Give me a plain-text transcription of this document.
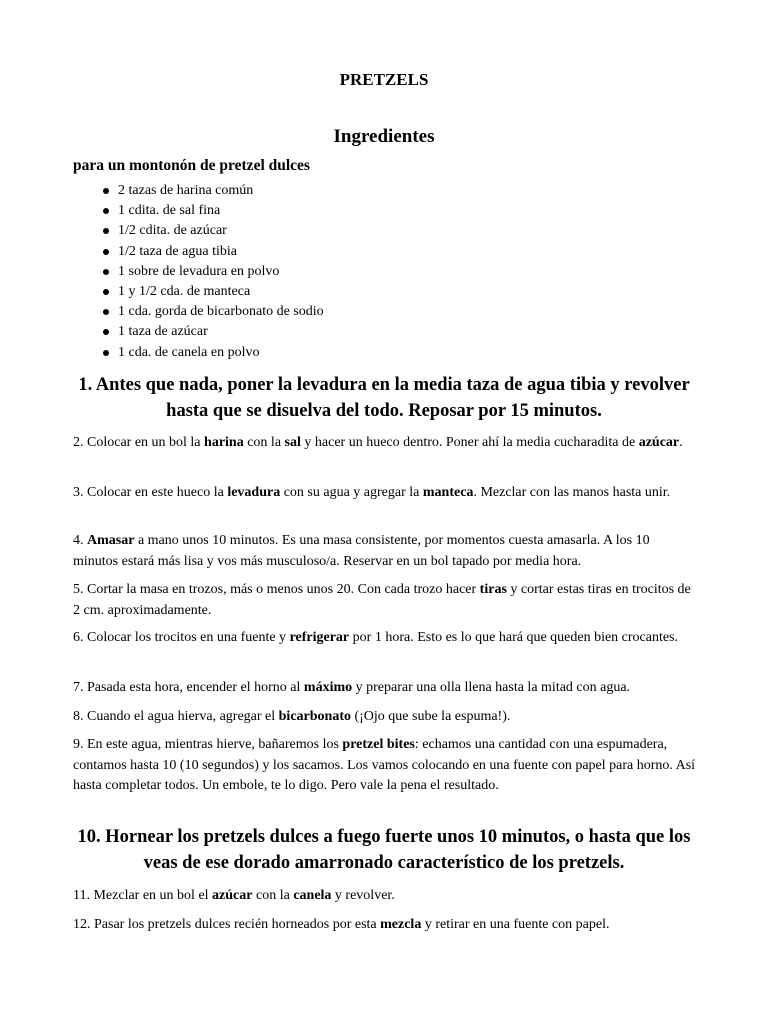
PRETZELS
Ingredientes
para un montonón de pretzel dulces
2 tazas de harina común
1 cdita. de sal fina
1/2 cdita. de azúcar
1/2 taza de agua tibia
1 sobre de levadura en polvo
1 y 1/2 cda. de manteca
1 cda. gorda de bicarbonato de sodio
1 taza de azúcar
1 cda. de canela en polvo
1. Antes que nada, poner la levadura en la media taza de agua tibia y revolver hasta que se disuelva del todo. Reposar por 15 minutos.

2. Colocar en un bol la harina con la sal y hacer un hueco dentro. Poner ahí la media cucharadita de azúcar.

3. Colocar en este hueco la levadura con su agua y agregar la manteca. Mezclar con las manos hasta unir.

4. Amasar a mano unos 10 minutos. Es una masa consistente, por momentos cuesta amasarla. A los 10 minutos estará más lisa y vos más musculoso/a. Reservar en un bol tapado por media hora.

5. Cortar la masa en trozos, más o menos unos 20. Con cada trozo hacer tiras y cortar estas tiras en trocitos de 2 cm. aproximadamente.

6. Colocar los trocitos en una fuente y refrigerar por 1 hora. Esto es lo que hará que queden bien crocantes.

7. Pasada esta hora, encender el horno al máximo y preparar una olla llena hasta la mitad con agua.

8. Cuando el agua hierva, agregar el bicarbonato (¡Ojo que sube la espuma!).

9. En este agua, mientras hierve, bañaremos los pretzel bites: echamos una cantidad con una espumadera, contamos hasta 10 (10 segundos) y los sacamos. Los vamos colocando en una fuente con papel para horno. Así hasta completar todos. Un embole, te lo digo. Pero vale la pena el resultado.

10. Hornear los pretzels dulces a fuego fuerte unos 10 minutos, o hasta que los veas de ese dorado amarronado característico de los pretzels.

11. Mezclar en un bol el azúcar con la canela y revolver.

12. Pasar los pretzels dulces recién horneados por esta mezcla y retirar en una fuente con papel.
